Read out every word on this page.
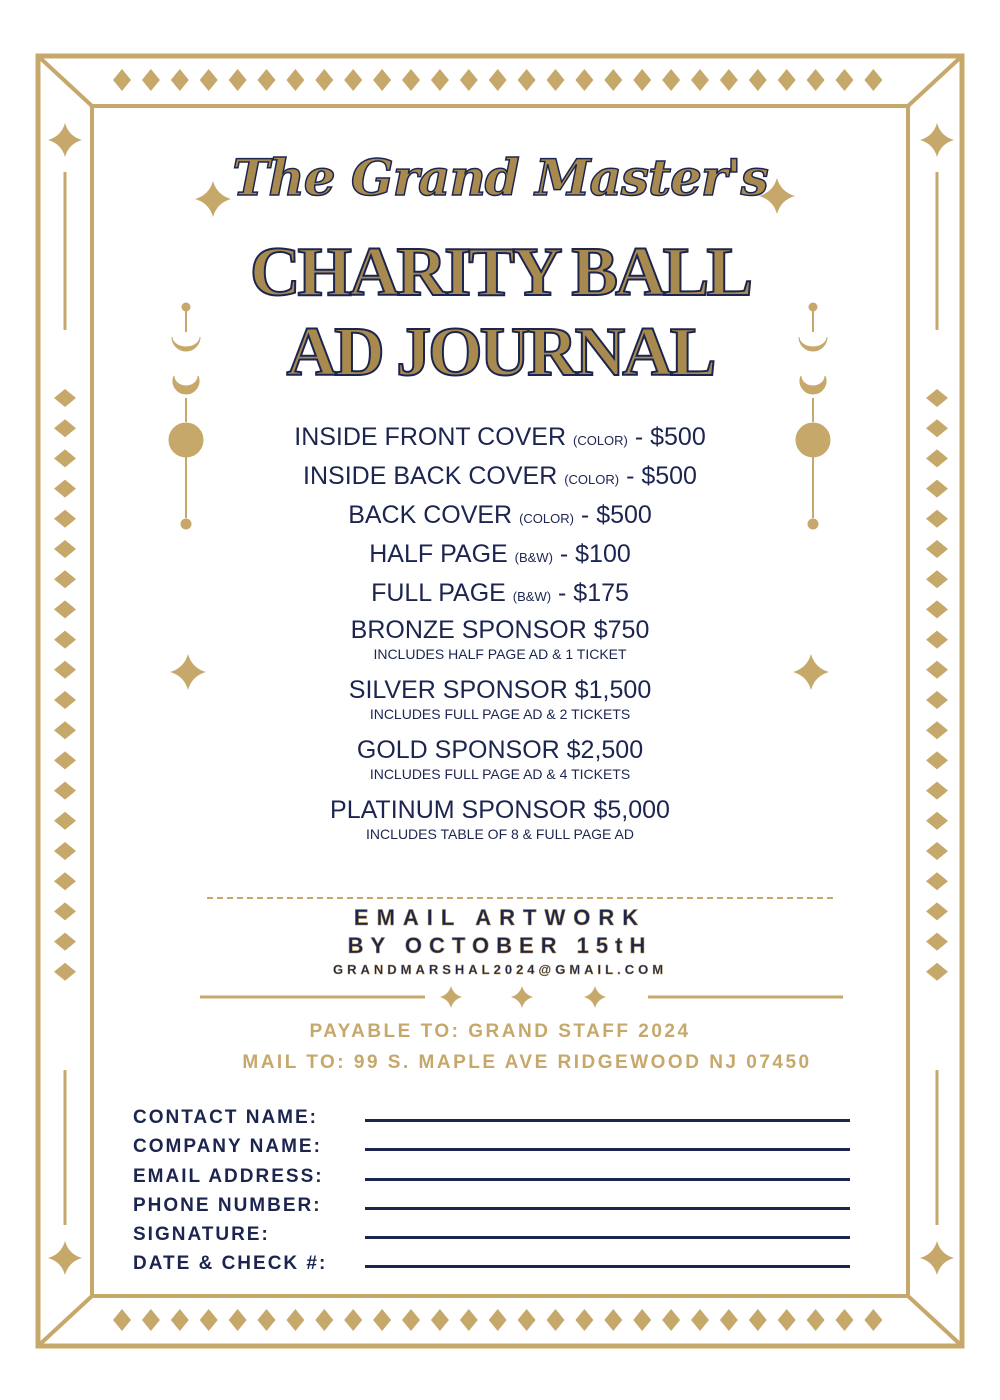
The Grand Master's
CHARITY BALL
AD JOURNAL
INSIDE FRONT COVER (COLOR) - $500
INSIDE BACK COVER (COLOR) - $500
BACK COVER (COLOR) - $500
HALF PAGE (B&W) - $100
FULL PAGE (B&W) - $175
BRONZE SPONSOR $750
INCLUDES HALF PAGE AD & 1 TICKET
SILVER SPONSOR $1,500
INCLUDES FULL PAGE AD & 2 TICKETS
GOLD SPONSOR $2,500
INCLUDES FULL PAGE AD & 4 TICKETS
PLATINUM SPONSOR $5,000
INCLUDES TABLE OF 8 & FULL PAGE AD
EMAIL ARTWORK
BY OCTOBER 15tH
GRANDMARSHAL2024@GMAIL.COM
PAYABLE TO: GRAND STAFF 2024
MAIL TO: 99 S. MAPLE AVE RIDGEWOOD NJ 07450
CONTACT NAME:
COMPANY NAME:
EMAIL ADDRESS:
PHONE NUMBER:
SIGNATURE:
DATE & CHECK #:
